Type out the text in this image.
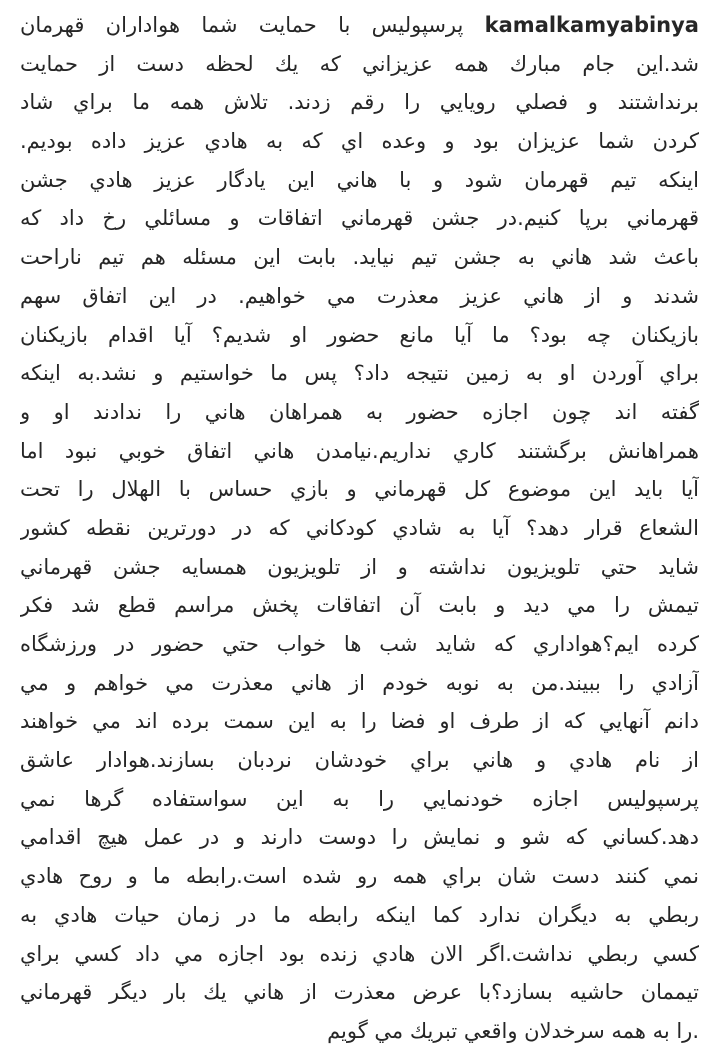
kamalkamyabinya پرسپوليس با حمايت شما هواداران قهرمان
شد.اين جام مبارك همه عزيزاني كه يك لحظه دست از حمايت
برنداشتند و فصلي رويايي را رقم زدند. تلاش همه ما براي شاد
كردن شما عزيزان بود و وعده اي كه به هادي عزيز داده بوديم.
اينكه تيم قهرمان شود و با هاني اين يادگار عزيز هادي جشن
قهرماني برپا كنيم.در جشن قهرماني اتفاقات و مسائلي رخ داد كه
باعث شد هاني به جشن تيم نيايد. بابت اين مسئله هم تيم ناراحت
شدند و از هاني عزيز معذرت مي خواهيم. در اين اتفاق سهم
بازيكنان چه بود؟ ما آيا مانع حضور او شديم؟ آيا اقدام بازيكنان
براي آوردن او به زمين نتيجه داد؟ پس ما خواستيم و نشد.به اينكه
گفته اند چون اجازه حضور به همراهان هاني را ندادند او و
همراهانش برگشتند كاري نداريم.نيامدن هاني اتفاق خوبي نبود اما
آيا بايد اين موضوع كل قهرماني و بازي حساس با الهلال را تحت
الشعاع قرار دهد؟ آيا به شادي كودكاني كه در دورترين نقطه كشور
شايد حتي تلويزيون نداشته و از تلويزيون همسايه جشن قهرماني
تيمش را مي ديد و بابت آن اتفاقات پخش مراسم قطع شد فكر
كرده ايم؟هواداري كه شايد شب ها خواب حتي حضور در ورزشگاه
آزادي را ببيند.من به نوبه خودم از هاني معذرت مي خواهم و مي
دانم آنهايي كه از طرف او فضا را به اين سمت برده اند مي خواهند
از نام هادي و هاني براي خودشان نردبان بسازند.هوادار عاشق
پرسپوليس اجازه خودنمايي را به اين سواستفاده گرها نمي
دهد.كساني كه شو و نمايش را دوست دارند و در عمل هيچ اقدامي
نمي كنند دست شان براي همه رو شده است.رابطه ما و روح هادي
ربطي به ديگران ندارد كما اينكه رابطه ما در زمان حيات هادي به
كسي ربطي نداشت.اگر الان هادي زنده بود اجازه مي داد كسي براي
تيممان حاشيه بسازد؟با عرض معذرت از هاني يك بار ديگر قهرماني
.را به همه سرخدلان واقعي تبريك مي گويم
